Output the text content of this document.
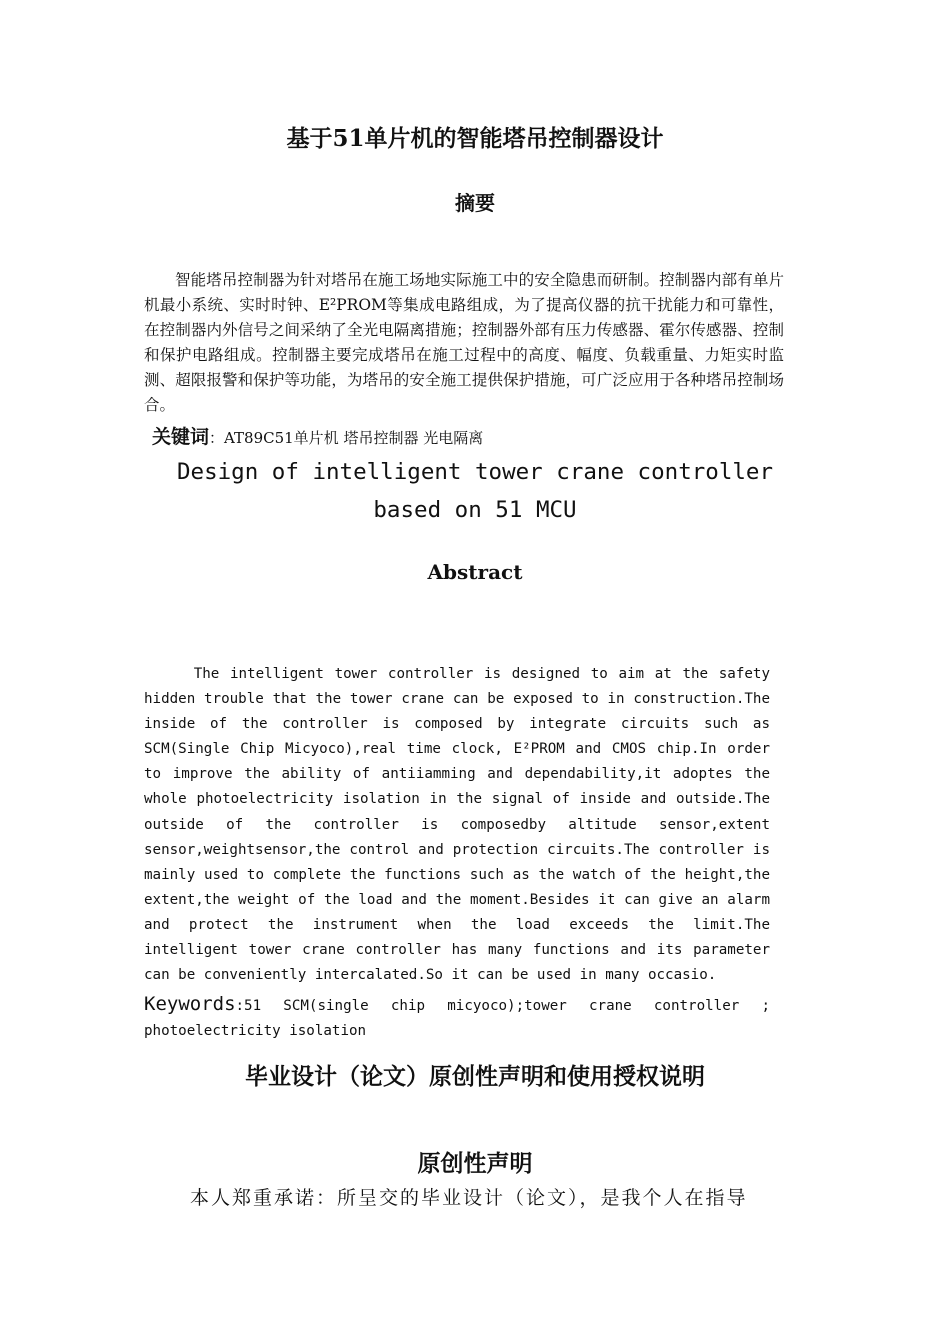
基于51单片机的智能塔吊控制器设计
摘要

智能塔吊控制器为针对塔吊在施工场地实际施工中的安全隐患而研制。控制器内部有单片机最小系统、实时时钟、E²PROM等集成电路组成，为了提高仪器的抗干扰能力和可靠性，在控制器内外信号之间采纳了全光电隔离措施；控制器外部有压力传感器、霍尔传感器、控制和保护电路组成。控制器主要完成塔吊在施工过程中的高度、幅度、负载重量、力矩实时监测、超限报警和保护等功能，为塔吊的安全施工提供保护措施，可广泛应用于各种塔吊控制场合。

关键词：AT89C51单片机 塔吊控制器 光电隔离
Design of intelligent tower crane controller
based on 51 MCU
Abstract

The intelligent tower controller is designed to aim at the safety hidden trouble that the tower crane can be exposed to in construction.The inside of the controller is composed by integrate circuits such as SCM(Single Chip Micyoco),real time clock, E²PROM and CMOS chip.In order to improve the ability of antiiamming and dependability,it adoptes the whole photoelectricity isolation in the signal of inside and outside.The outside of the controller is composedby altitude sensor,extent sensor,weightsensor,the control and protection circuits.The controller is mainly used to complete the functions such as the watch of the height,the extent,the weight of the load and the moment.Besides it can give an alarm and protect the instrument when the load exceeds the limit.The intelligent tower crane controller has many functions and its parameter can be conveniently intercalated.So it can be used in many occasio.

Keywords:51 SCM(single chip micyoco);tower crane controller ; photoelectricity isolation
毕业设计（论文）原创性声明和使用授权说明
原创性声明
本人郑重承诺：所呈交的毕业设计（论文），是我个人在指导
